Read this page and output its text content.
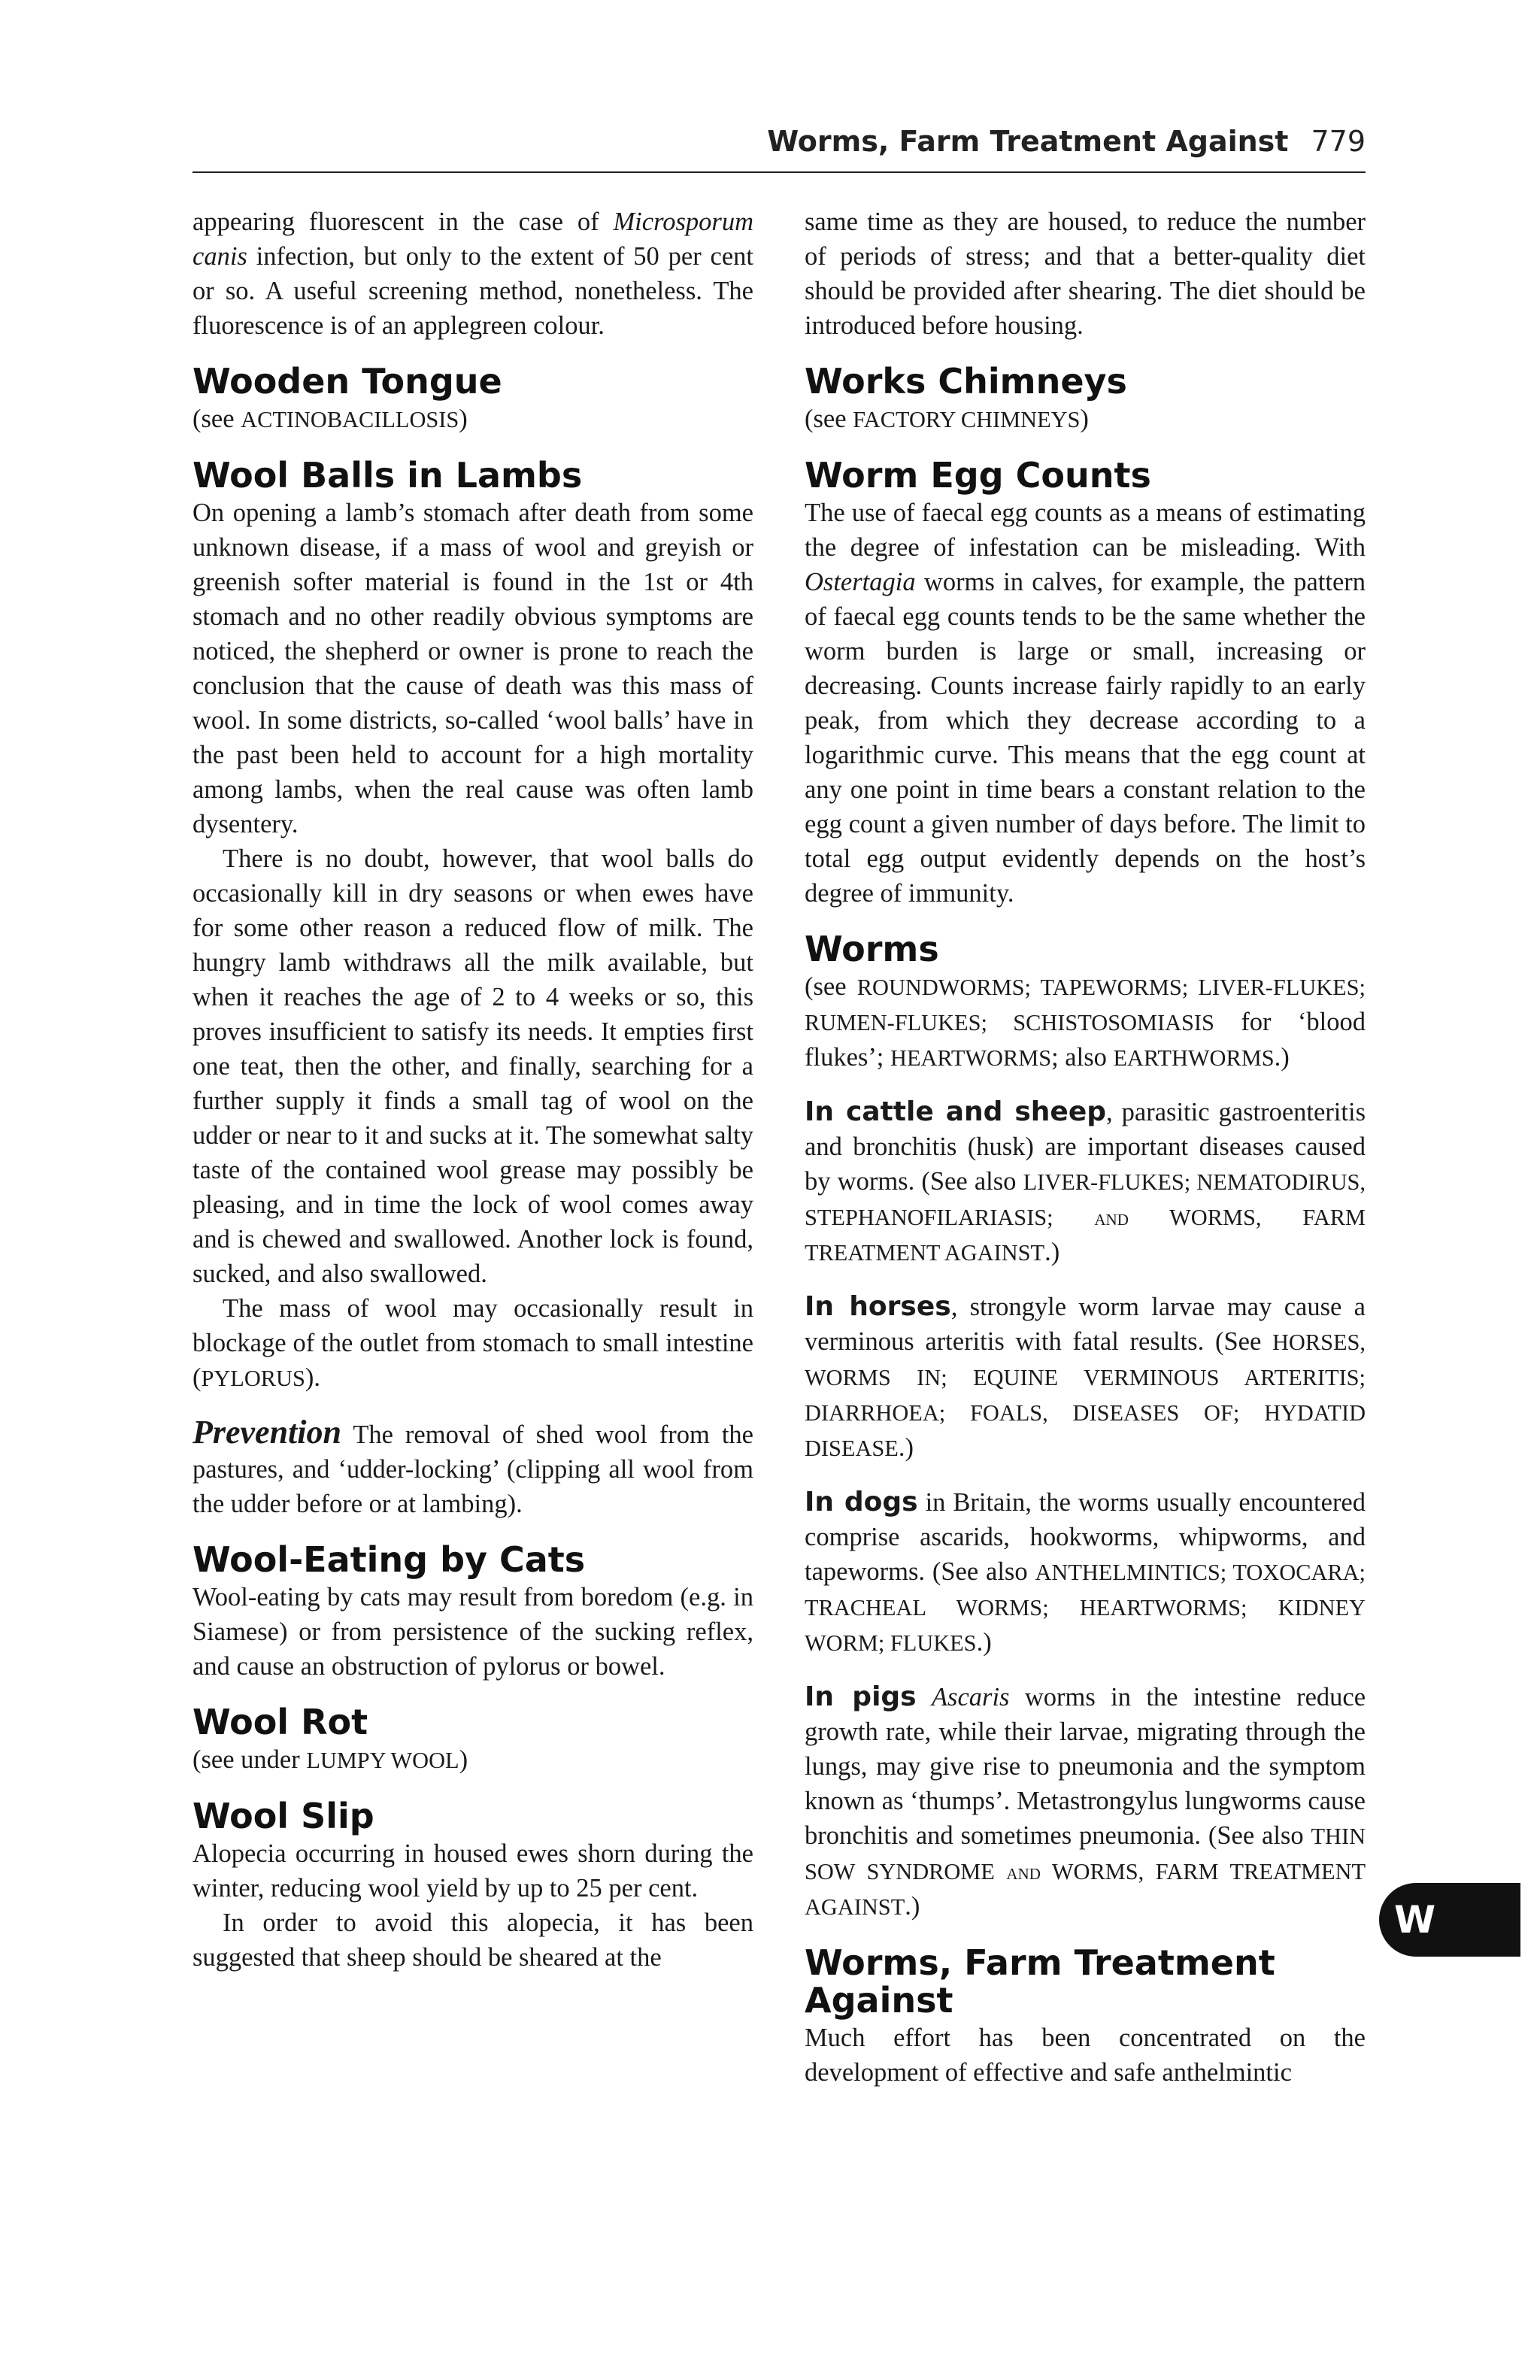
Worms, Farm Treatment Against 779

appearing fluorescent in the case of Microsporum canis infection, but only to the extent of 50 per cent or so. A useful screening method, nonetheless. The fluorescence is of an applegreen colour.

Wooden Tongue

(see ACTINOBACILLOSIS)

Wool Balls in Lambs

On opening a lamb’s stomach after death from some unknown disease, if a mass of wool and greyish or greenish softer material is found in the 1st or 4th stomach and no other readily obvious symptoms are noticed, the shepherd or owner is prone to reach the conclusion that the cause of death was this mass of wool. In some districts, so-called ‘wool balls’ have in the past been held to account for a high mortality among lambs, when the real cause was often lamb dysentery.

There is no doubt, however, that wool balls do occasionally kill in dry seasons or when ewes have for some other reason a reduced flow of milk. The hungry lamb withdraws all the milk available, but when it reaches the age of 2 to 4 weeks or so, this proves insufficient to satisfy its needs. It empties first one teat, then the other, and finally, searching for a further supply it finds a small tag of wool on the udder or near to it and sucks at it. The somewhat salty taste of the contained wool grease may possibly be pleasing, and in time the lock of wool comes away and is chewed and swallowed. Another lock is found, sucked, and also swallowed.

The mass of wool may occasionally result in blockage of the outlet from stomach to small intestine (PYLORUS).

Prevention The removal of shed wool from the pastures, and ‘udder-locking’ (clipping all wool from the udder before or at lambing).

Wool-Eating by Cats

Wool-eating by cats may result from boredom (e.g. in Siamese) or from persistence of the sucking reflex, and cause an obstruction of pylorus or bowel.

Wool Rot

(see under LUMPY WOOL)

Wool Slip

Alopecia occurring in housed ewes shorn during the winter, reducing wool yield by up to 25 per cent.

In order to avoid this alopecia, it has been suggested that sheep should be sheared at the

same time as they are housed, to reduce the number of periods of stress; and that a better-quality diet should be provided after shearing. The diet should be introduced before housing.

Works Chimneys

(see FACTORY CHIMNEYS)

Worm Egg Counts

The use of faecal egg counts as a means of estimating the degree of infestation can be misleading. With Ostertagia worms in calves, for example, the pattern of faecal egg counts tends to be the same whether the worm burden is large or small, increasing or decreasing. Counts increase fairly rapidly to an early peak, from which they decrease according to a logarithmic curve. This means that the egg count at any one point in time bears a constant relation to the egg count a given number of days before. The limit to total egg output evidently depends on the host’s degree of immunity.

Worms

(see ROUNDWORMS; TAPEWORMS; LIVER-FLUKES; RUMEN-FLUKES; SCHISTOSOMIASIS for ‘blood flukes’; HEARTWORMS; also EARTHWORMS.)

In cattle and sheep, parasitic gastroenteritis and bronchitis (husk) are important diseases caused by worms. (See also LIVER-FLUKES; NEMATODIRUS, STEPHANOFILARIASIS; and WORMS, FARM TREATMENT AGAINST.)

In horses, strongyle worm larvae may cause a verminous arteritis with fatal results. (See HORSES, WORMS IN; EQUINE VERMINOUS ARTERITIS; DIARRHOEA; FOALS, DISEASES OF; HYDATID DISEASE.)

In dogs in Britain, the worms usually encountered comprise ascarids, hookworms, whipworms, and tapeworms. (See also ANTHELMINTICS; TOXOCARA; TRACHEAL WORMS; HEARTWORMS; KIDNEY WORM; FLUKES.)

In pigs Ascaris worms in the intestine reduce growth rate, while their larvae, migrating through the lungs, may give rise to pneumonia and the symptom known as ‘thumps’. Metastrongylus lungworms cause bronchitis and sometimes pneumonia. (See also THIN SOW SYNDROME and WORMS, FARM TREATMENT AGAINST.)

Worms, Farm Treatment Against

Much effort has been concentrated on the development of effective and safe anthelmintic

W
